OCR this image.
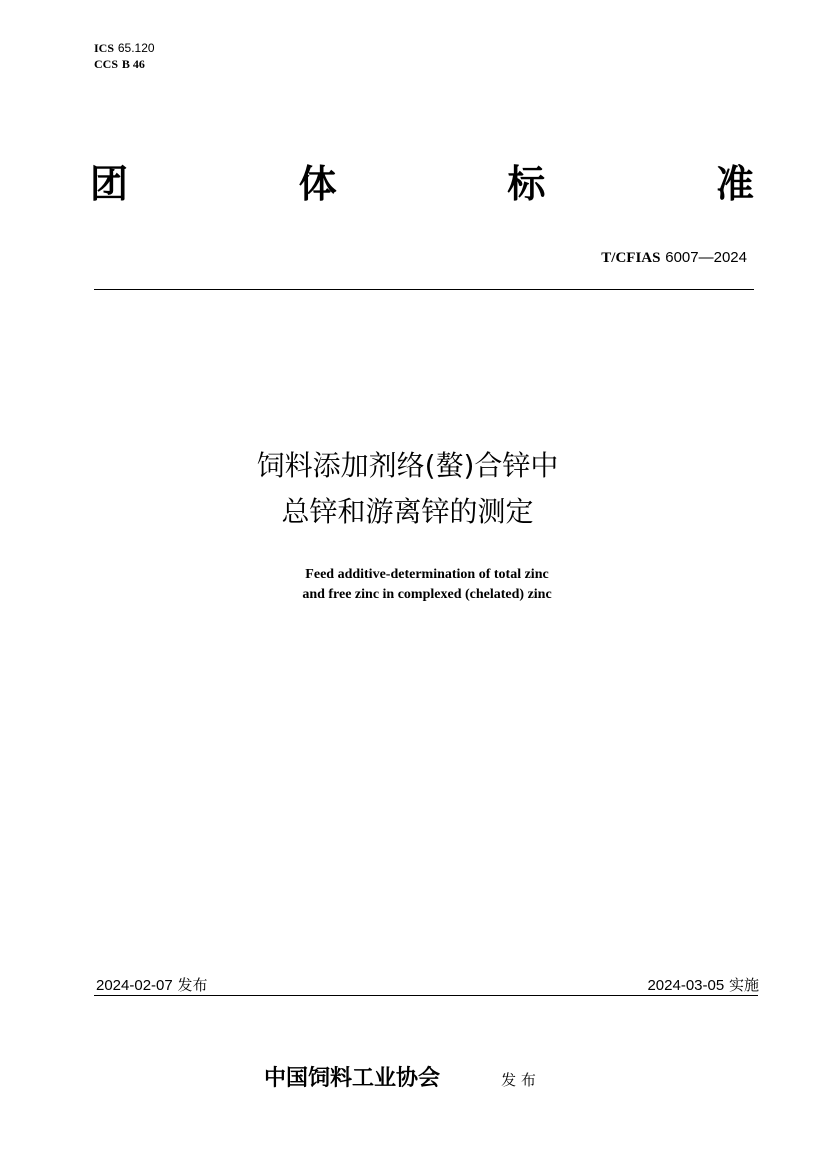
ICS 65.120
CCS B 46
团	体	标	准
T/CFIAS 6007—2024
饲料添加剂络(螯)合锌中
总锌和游离锌的测定
Feed additive-determination of total zinc
and free zinc in complexed (chelated) zinc
2024-02-07 发布	2024-03-05 实施
中国饲料工业协会	发 布
